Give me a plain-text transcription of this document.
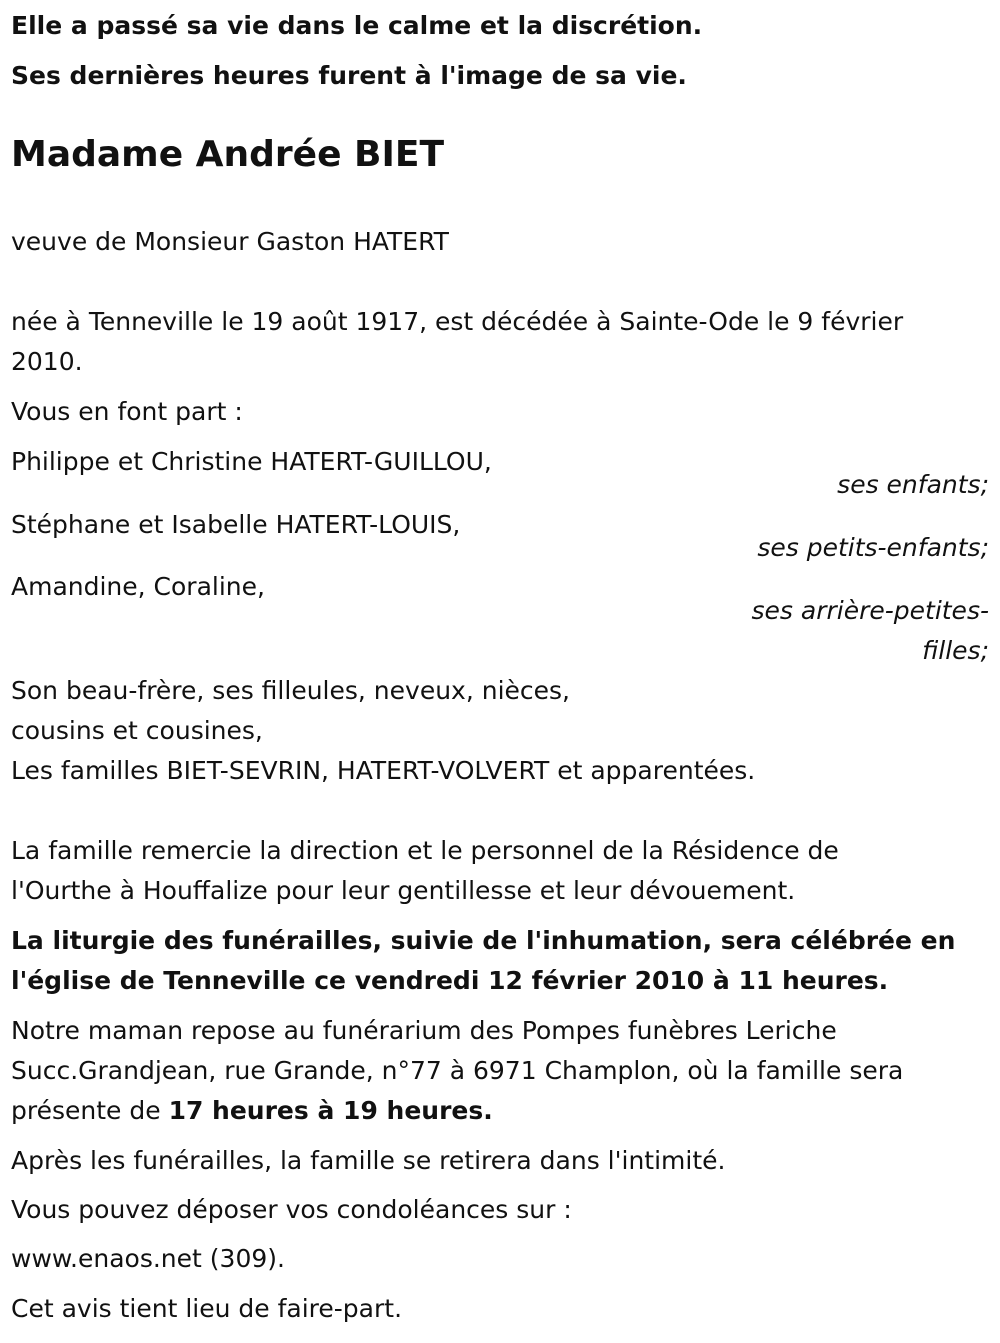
Elle a passé sa vie dans le calme et la discrétion.
Ses dernières heures furent à l'image de sa vie.
Madame Andrée BIET
veuve de Monsieur Gaston HATERT
née à Tenneville le 19 août 1917, est décédée à Sainte-Ode le 9 février 2010.
Vous en font part :
Philippe et Christine HATERT-GUILLOU,
ses enfants;
Stéphane et Isabelle HATERT-LOUIS,
ses petits-enfants;
Amandine, Coraline,
ses arrière-petites-
filles;
Son beau-frère, ses filleules, neveux, nièces,
cousins et cousines,
Les familles BIET-SEVRIN, HATERT-VOLVERT et apparentées.
La famille remercie la direction et le personnel de la Résidence de l'Ourthe à Houffalize pour leur gentillesse et leur dévouement.
La liturgie des funérailles, suivie de l'inhumation, sera célébrée en l'église de Tenneville ce vendredi 12 février 2010 à 11 heures.
Notre maman repose au funérarium des Pompes funèbres Leriche Succ.Grandjean, rue Grande, n°77 à 6971 Champlon, où la famille sera présente de 17 heures à 19 heures.
Après les funérailles, la famille se retirera dans l'intimité.
Vous pouvez déposer vos condoléances sur :
www.enaos.net (309).
Cet avis tient lieu de faire-part.
